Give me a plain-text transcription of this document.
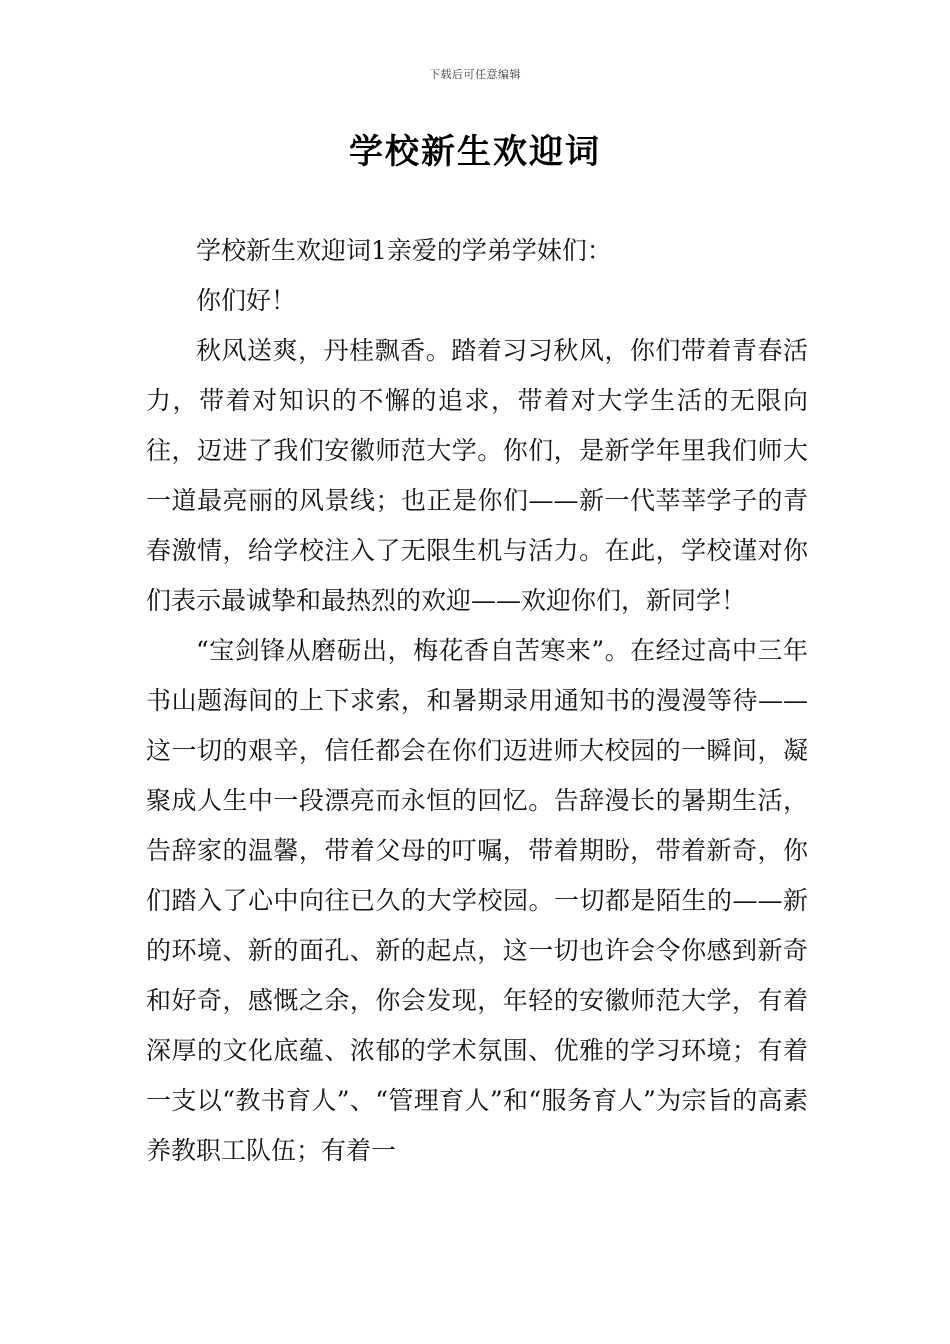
下载后可任意编辑
学校新生欢迎词

学校新生欢迎词1亲爱的学弟学妹们：

你们好！

秋风送爽，丹桂飘香。踏着习习秋风，你们带着青春活力，带着对知识的不懈的追求，带着对大学生活的无限向往，迈进了我们安徽师范大学。你们，是新学年里我们师大一道最亮丽的风景线；也正是你们——新一代莘莘学子的青春激情，给学校注入了无限生机与活力。在此，学校谨对你们表示最诚挚和最热烈的欢迎——欢迎你们，新同学！

“宝剑锋从磨砺出，梅花香自苦寒来”。在经过高中三年书山题海间的上下求索，和暑期录用通知书的漫漫等待——这一切的艰辛，信任都会在你们迈进师大校园的一瞬间，凝聚成人生中一段漂亮而永恒的回忆。告辞漫长的暑期生活，告辞家的温馨，带着父母的叮嘱，带着期盼，带着新奇，你们踏入了心中向往已久的大学校园。一切都是陌生的——新的环境、新的面孔、新的起点，这一切也许会令你感到新奇和好奇，感慨之余，你会发现，年轻的安徽师范大学，有着深厚的文化底蕴、浓郁的学术氛围、优雅的学习环境；有着一支以“教书育人”、“管理育人”和“服务育人”为宗旨的高素养教职工队伍；有着一
